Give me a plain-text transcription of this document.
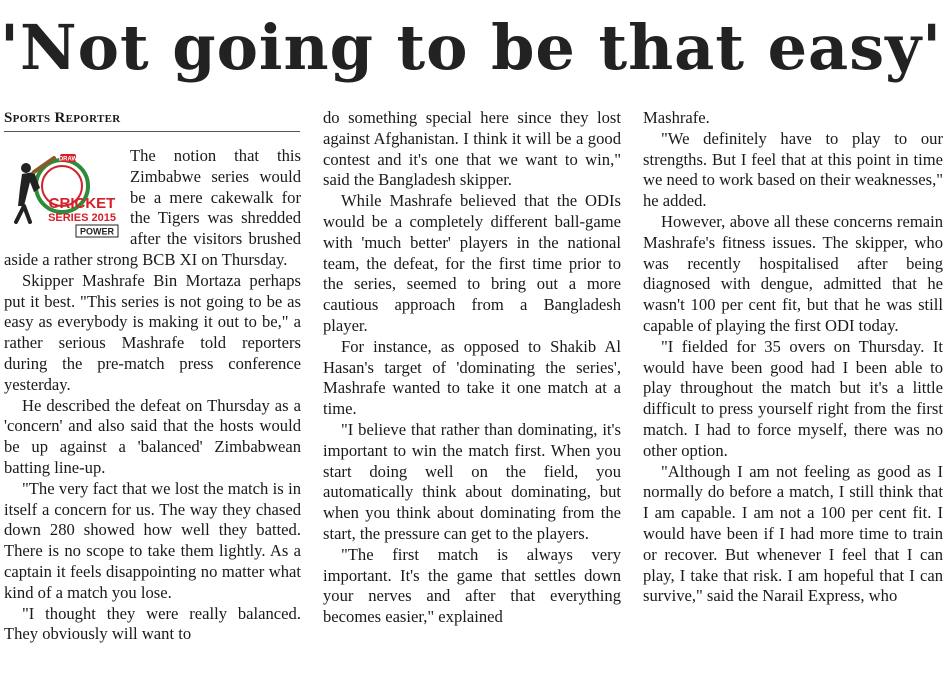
'Not going to be that easy'
Sports Reporter
DRAW
CRICKET
SERIES 2015
POWER

The notion that this Zimbabwe series would be a mere cakewalk for the Tigers was shredded after the visitors brushed aside a rather strong BCB XI on Thursday.

Skipper Mashrafe Bin Mortaza perhaps put it best. "This series is not going to be as easy as everybody is making it out to be," a rather serious Mashrafe told reporters during the pre-match press conference yesterday.

He described the defeat on Thursday as a 'concern' and also said that the hosts would be up against a 'balanced' Zimbabwean batting line-up.

"The very fact that we lost the match is in itself a concern for us. The way they chased down 280 showed how well they batted. There is no scope to take them lightly. As a captain it feels disappointing no matter what kind of a match you lose.

"I thought they were really balanced. They obviously will want to

do something special here since they lost against Afghanistan. I think it will be a good contest and it's one that we want to win," said the Bangladesh skipper.

While Mashrafe believed that the ODIs would be a completely different ball-game with 'much better' players in the national team, the defeat, for the first time prior to the series, seemed to bring out a more cautious approach from a Bangladesh player.

For instance, as opposed to Shakib Al Hasan's target of 'dominating the series', Mashrafe wanted to take it one match at a time.

"I believe that rather than dominating, it's important to win the match first. When you start doing well on the field, you automatically think about dominating, but when you think about dominating from the start, the pressure can get to the players.

"The first match is always very important. It's the game that settles down your nerves and after that everything becomes easier," explained

Mashrafe.

"We definitely have to play to our strengths. But I feel that at this point in time we need to work based on their weaknesses," he added.

However, above all these concerns remain Mashrafe's fitness issues. The skipper, who was recently hospitalised after being diagnosed with dengue, admitted that he wasn't 100 per cent fit, but that he was still capable of playing the first ODI today.

"I fielded for 35 overs on Thursday. It would have been good had I been able to play throughout the match but it's a little difficult to press yourself right from the first match. I had to force myself, there was no other option.

"Although I am not feeling as good as I normally do before a match, I still think that I am capable. I am not a 100 per cent fit. I would have been if I had more time to train or recover. But whenever I feel that I can play, I take that risk. I am hopeful that I can survive," said the Narail Express, who
